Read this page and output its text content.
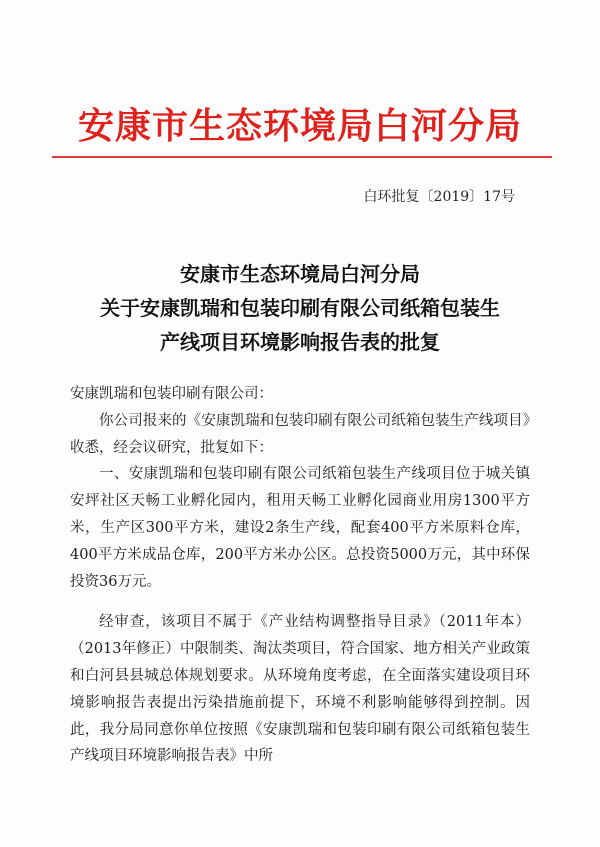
安康市生态环境局白河分局
白环批复〔2019〕17号
安康市生态环境局白河分局
关于安康凯瑞和包装印刷有限公司纸箱包装生
产线项目环境影响报告表的批复

安康凯瑞和包装印刷有限公司：

你公司报来的《安康凯瑞和包装印刷有限公司纸箱包装生产线项目》收悉，经会议研究，批复如下：

一、安康凯瑞和包装印刷有限公司纸箱包装生产线项目位于城关镇安坪社区天畅工业孵化园内，租用天畅工业孵化园商业用房1300平方米，生产区300平方米，建设2条生产线，配套400平方米原料仓库，400平方米成品仓库，200平方米办公区。总投资5000万元，其中环保投资36万元。

经审查，该项目不属于《产业结构调整指导目录》（2011年本）（2013年修正）中限制类、淘汰类项目，符合国家、地方相关产业政策和白河县县城总体规划要求。从环境角度考虑，在全面落实建设项目环境影响报告表提出污染措施前提下，环境不利影响能够得到控制。因此，我分局同意你单位按照《安康凯瑞和包装印刷有限公司纸箱包装生产线项目环境影响报告表》中所
